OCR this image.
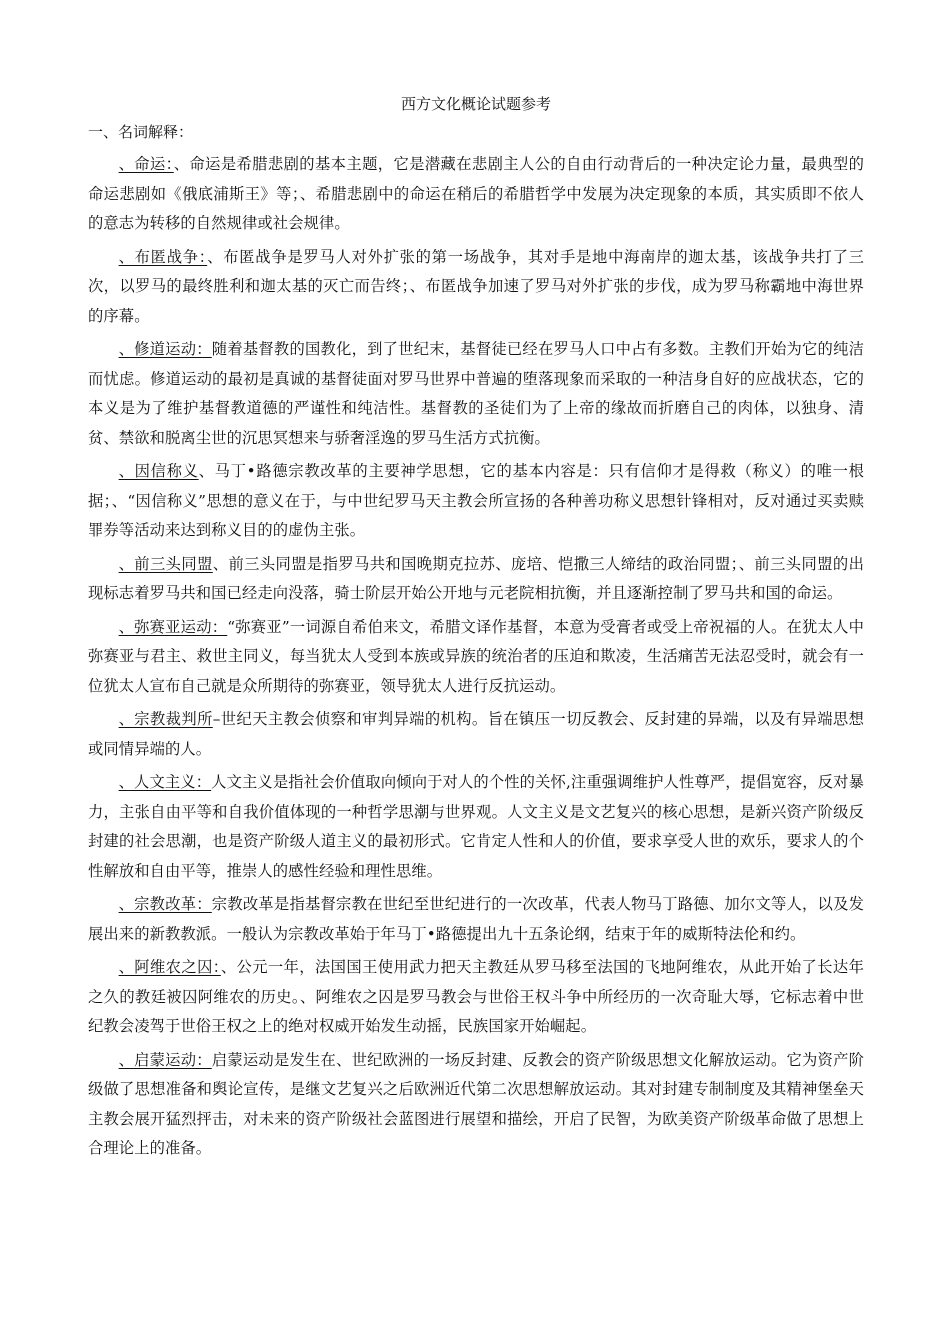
西方文化概论试题参考
一、名词解释：

、命运：、命运是希腊悲剧的基本主题，它是潜藏在悲剧主人公的自由行动背后的一种决定论力量，最典型的命运悲剧如《俄底浦斯王》等；、希腊悲剧中的命运在稍后的希腊哲学中发展为决定现象的本质，其实质即不依人的意志为转移的自然规律或社会规律。

、布匿战争：、布匿战争是罗马人对外扩张的第一场战争，其对手是地中海南岸的迦太基，该战争共打了三次，以罗马的最终胜利和迦太基的灭亡而告终；、布匿战争加速了罗马对外扩张的步伐，成为罗马称霸地中海世界的序幕。

、修道运动：随着基督教的国教化，到了世纪末，基督徒已经在罗马人口中占有多数。主教们开始为它的纯洁而忧虑。修道运动的最初是真诚的基督徒面对罗马世界中普遍的堕落现象而采取的一种洁身自好的应战状态，它的本义是为了维护基督教道德的严谨性和纯洁性。基督教的圣徒们为了上帝的缘故而折磨自己的肉体，以独身、清贫、禁欲和脱离尘世的沉思冥想来与骄奢淫逸的罗马生活方式抗衡。

、因信称义、马丁•路德宗教改革的主要神学思想，它的基本内容是：只有信仰才是得救（称义）的唯一根据；、“因信称义”思想的意义在于，与中世纪罗马天主教会所宣扬的各种善功称义思想针锋相对，反对通过买卖赎罪券等活动来达到称义目的的虚伪主张。

、前三头同盟、前三头同盟是指罗马共和国晚期克拉苏、庞培、恺撒三人缔结的政治同盟；、前三头同盟的出现标志着罗马共和国已经走向没落，骑士阶层开始公开地与元老院相抗衡，并且逐渐控制了罗马共和国的命运。

、弥赛亚运动：“弥赛亚”一词源自希伯来文，希腊文译作基督，本意为受膏者或受上帝祝福的人。在犹太人中弥赛亚与君主、救世主同义，每当犹太人受到本族或异族的统治者的压迫和欺凌，生活痛苦无法忍受时，就会有一位犹太人宣布自己就是众所期待的弥赛亚，领导犹太人进行反抗运动。

、宗教裁判所–世纪天主教会侦察和审判异端的机构。旨在镇压一切反教会、反封建的异端，以及有异端思想或同情异端的人。

、人文主义：人文主义是指社会价值取向倾向于对人的个性的关怀,注重强调维护人性尊严，提倡宽容，反对暴力，主张自由平等和自我价值体现的一种哲学思潮与世界观。人文主义是文艺复兴的核心思想，是新兴资产阶级反封建的社会思潮，也是资产阶级人道主义的最初形式。它肯定人性和人的价值，要求享受人世的欢乐，要求人的个性解放和自由平等，推崇人的感性经验和理性思维。

、宗教改革：宗教改革是指基督宗教在世纪至世纪进行的一次改革，代表人物马丁路德、加尔文等人，以及发展出来的新教教派。一般认为宗教改革始于年马丁•路德提出九十五条论纲，结束于年的威斯特法伦和约。

、阿维农之囚：、公元一年，法国国王使用武力把天主教廷从罗马移至法国的飞地阿维农，从此开始了长达年之久的教廷被囚阿维农的历史。、阿维农之囚是罗马教会与世俗王权斗争中所经历的一次奇耻大辱，它标志着中世纪教会凌驾于世俗王权之上的绝对权威开始发生动摇，民族国家开始崛起。

、启蒙运动：启蒙运动是发生在、世纪欧洲的一场反封建、反教会的资产阶级思想文化解放运动。它为资产阶级做了思想准备和舆论宣传，是继文艺复兴之后欧洲近代第二次思想解放运动。其对封建专制制度及其精神堡垒天主教会展开猛烈抨击，对未来的资产阶级社会蓝图进行展望和描绘，开启了民智，为欧美资产阶级革命做了思想上合理论上的准备。
